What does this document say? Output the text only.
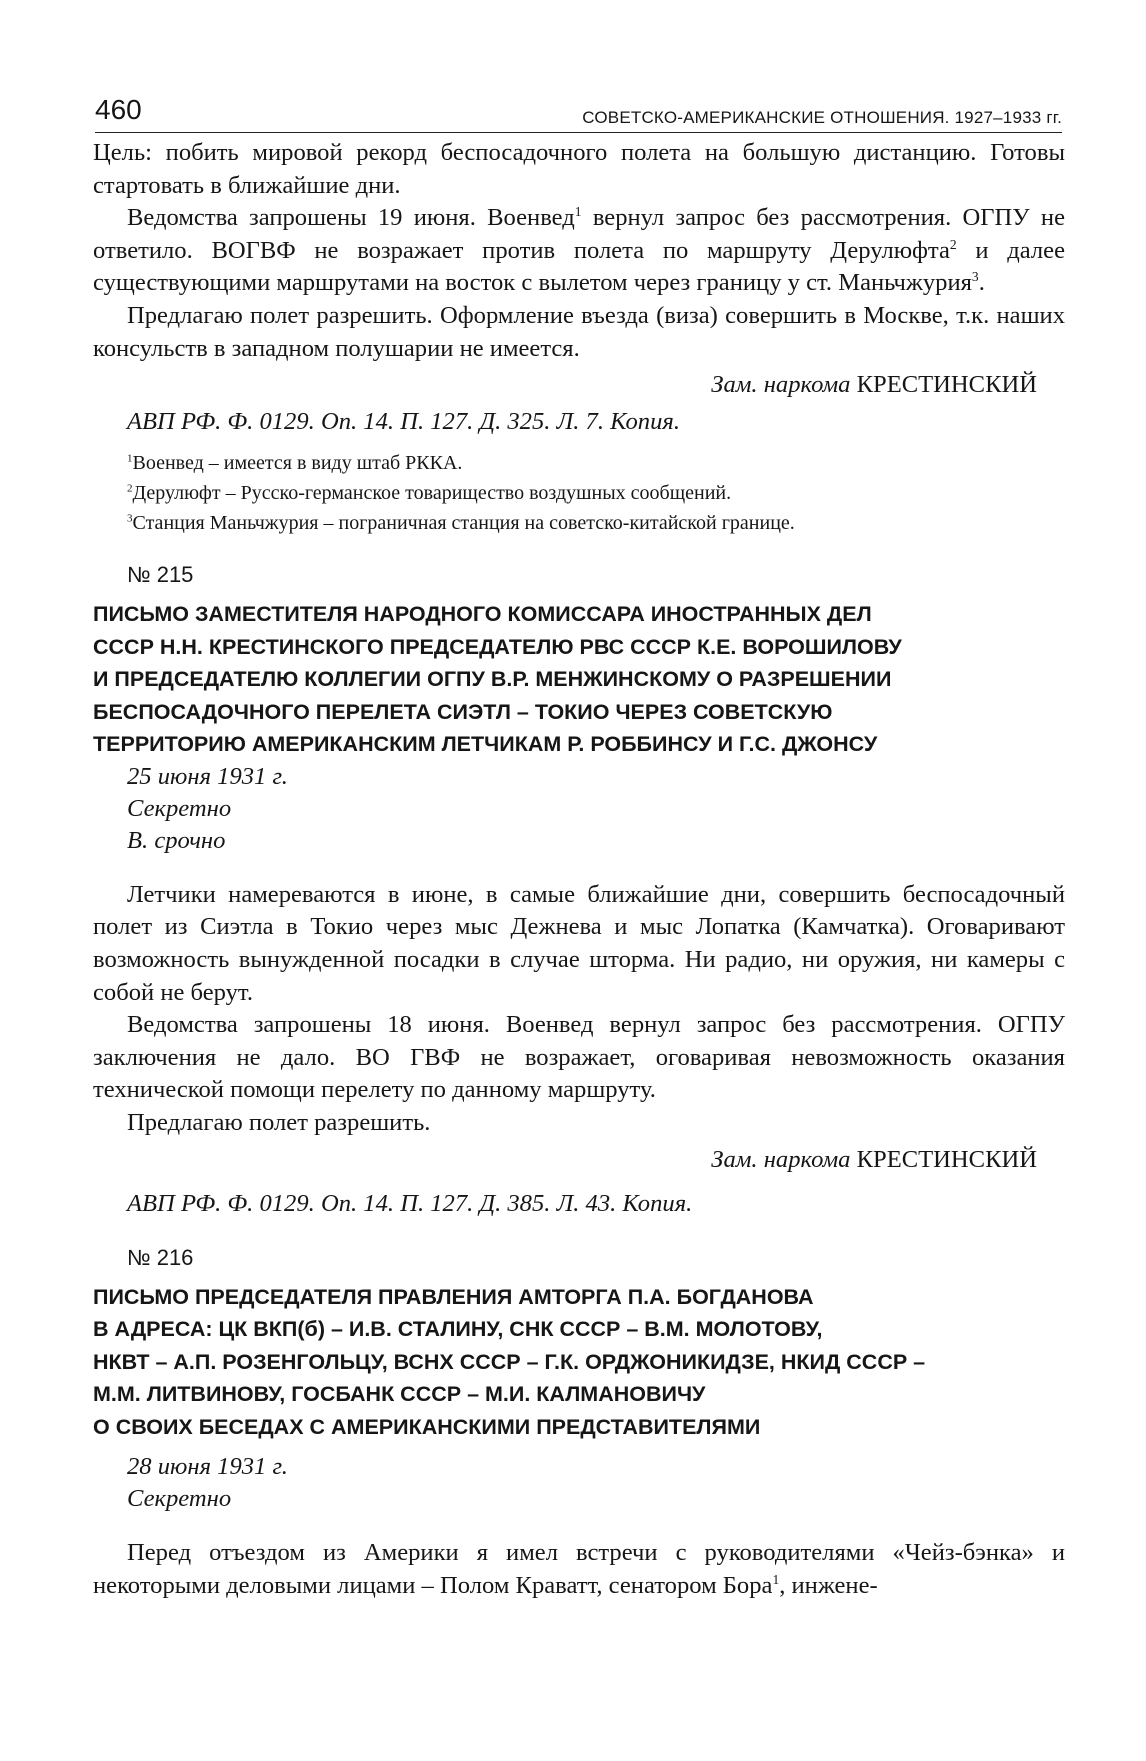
460	СОВЕТСКО-АМЕРИКАНСКИЕ ОТНОШЕНИЯ. 1927–1933 гг.

Цель: побить мировой рекорд беспосадочного полета на большую дистанцию. Готовы стартовать в ближайшие дни.

Ведомства запрошены 19 июня. Военвед$^1$ вернул запрос без рассмотрения. ОГПУ не ответило. ВОГВФ не возражает против полета по маршруту Дерулюфта$^2$ и далее существующими маршрутами на восток с вылетом через границу у ст. Маньчжурия$^3$.

Предлагаю полет разрешить. Оформление въезда (виза) совершить в Москве, т.к. наших консульств в западном полушарии не имеется.

Зам. наркома КРЕСТИНСКИЙ

АВП РФ. Ф. 0129. Оп. 14. П. 127. Д. 325. Л. 7. Копия.

$^1$Военвед – имеется в виду штаб РККА.

$^2$Дерулюфт – Русско-германское товарищество воздушных сообщений.

$^3$Станция Маньчжурия – пограничная станция на советско-китайской границе.

№ 215

ПИСЬМО ЗАМЕСТИТЕЛЯ НАРОДНОГО КОМИССАРА ИНОСТРАННЫХ ДЕЛ

СССР Н.Н. КРЕСТИНСКОГО ПРЕДСЕДАТЕЛЮ РВС СССР К.Е. ВОРОШИЛОВУ

И ПРЕДСЕДАТЕЛЮ КОЛЛЕГИИ ОГПУ В.Р. МЕНЖИНСКОМУ О РАЗРЕШЕНИИ

БЕСПОСАДОЧНОГО ПЕРЕЛЕТА СИЭТЛ – ТОКИО ЧЕРЕЗ СОВЕТСКУЮ

ТЕРРИТОРИЮ АМЕРИКАНСКИМ ЛЕТЧИКАМ Р. РОББИНСУ И Г.С. ДЖОНСУ

25 июня 1931 г.

Секретно

В. срочно

Летчики намереваются в июне, в самые ближайшие дни, совершить беспосадочный полет из Сиэтла в Токио через мыс Дежнева и мыс Лопатка (Камчатка). Оговаривают возможность вынужденной посадки в случае шторма. Ни радио, ни оружия, ни камеры с собой не берут.

Ведомства запрошены 18 июня. Военвед вернул запрос без рассмотрения. ОГПУ заключения не дало. ВО ГВФ не возражает, оговаривая невозможность оказания технической помощи перелету по данному маршруту.

Предлагаю полет разрешить.

Зам. наркома КРЕСТИНСКИЙ

АВП РФ. Ф. 0129. Оп. 14. П. 127. Д. 385. Л. 43. Копия.

№ 216

ПИСЬМО ПРЕДСЕДАТЕЛЯ ПРАВЛЕНИЯ АМТОРГА П.А. БОГДАНОВА

В АДРЕСА: ЦК ВКП(б) – И.В. СТАЛИНУ, СНК СССР – В.М. МОЛОТОВУ,

НКВТ – А.П. РОЗЕНГОЛЬЦУ, ВСНХ СССР – Г.К. ОРДЖОНИКИДЗЕ, НКИД СССР –

М.М. ЛИТВИНОВУ, ГОСБАНК СССР – М.И. КАЛМАНОВИЧУ

О СВОИХ БЕСЕДАХ С АМЕРИКАНСКИМИ ПРЕДСТАВИТЕЛЯМИ

28 июня 1931 г.

Секретно

Перед отъездом из Америки я имел встречи с руководителями «Чейз-бэнка» и некоторыми деловыми лицами – Полом Краватт, сенатором Бора$^1$, инжене-
